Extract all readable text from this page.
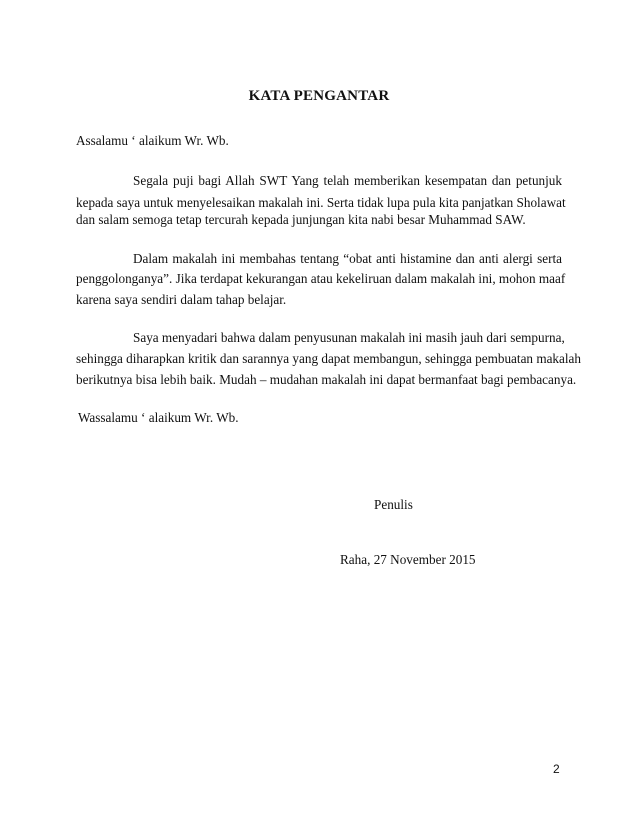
KATA PENGANTAR
Assalamu ‘ alaikum Wr. Wb.
Segala puji bagi Allah SWT Yang telah memberikan kesempatan dan petunjuk
kepada saya untuk menyelesaikan makalah ini. Serta tidak lupa pula kita panjatkan Sholawat
dan salam semoga tetap tercurah kepada junjungan kita nabi besar Muhammad SAW.
Dalam makalah ini membahas tentang “obat anti histamine dan anti alergi serta
penggolonganya”. Jika terdapat kekurangan atau kekeliruan dalam makalah ini, mohon maaf
karena saya sendiri dalam tahap belajar.
Saya menyadari bahwa dalam penyusunan makalah ini masih jauh dari sempurna,
sehingga diharapkan kritik dan sarannya yang dapat membangun, sehingga pembuatan makalah
berikutnya bisa lebih baik. Mudah – mudahan makalah ini dapat bermanfaat bagi pembacanya.
Wassalamu ‘ alaikum Wr. Wb.
Penulis
Raha, 27 November 2015
2
